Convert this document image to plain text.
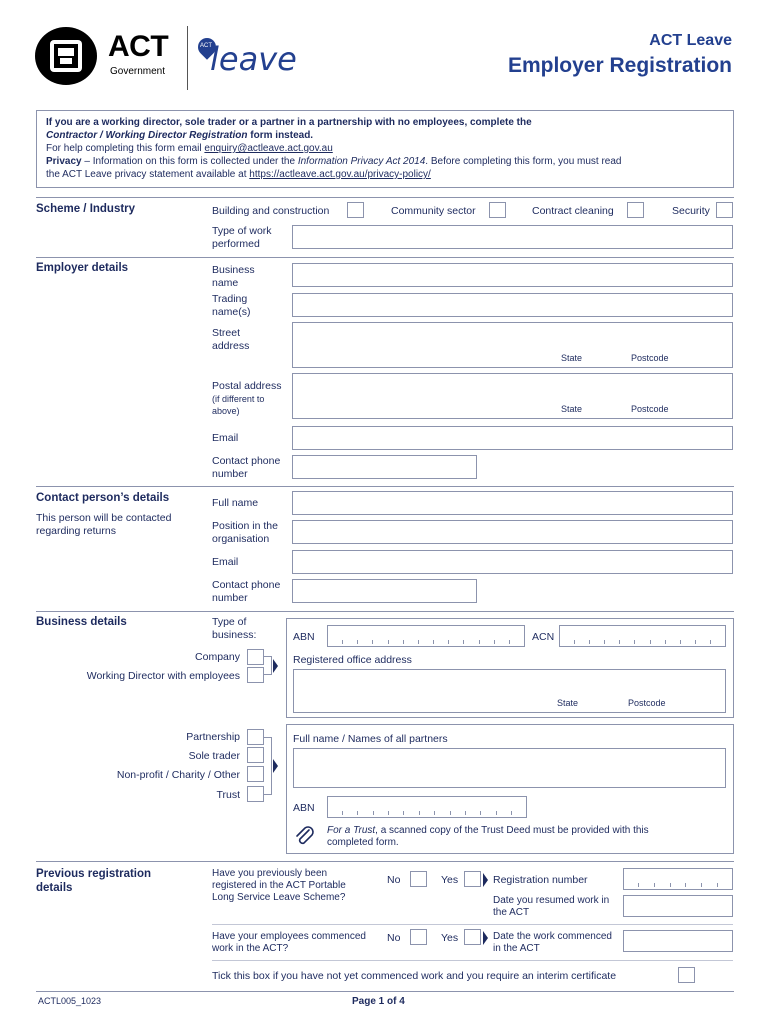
ACT
Government
ACT
leave	ACT Leave
Employer Registration
If you are a working director, sole trader or a partner in a partnership with no employees, complete the
Contractor / Working Director Registration form instead.
For help completing this form email enquiry@actleave.act.gov.au
Privacy – Information on this form is collected under the Information Privacy Act 2014. Before completing this form, you must read
the ACT Leave privacy statement available at https://actleave.act.gov.au/privacy-policy/
Scheme / Industry	Building and construction	Community sector	Contract cleaning	Security
Type of work performed
Employer details	Business name
Trading name(s)
Street address
State	Postcode
Postal address
(if different to above)	State	Postcode
Email
Contact phone number
Contact person’s details
This person will be contacted regarding returns
Full name
Position in the organisation
Email
Contact phone number
Business details	Type of business:
Company
Working Director with employees
ABN	ACN
Registered office address
State	Postcode
Partnership
Sole trader
Non-profit / Charity / Other
Trust
Full name / Names of all partners
ABN
For a Trust, a scanned copy of the Trust Deed must be provided with this
completed form.
Previous registration details
Have you previously been registered in the ACT Portable Long Service Leave Scheme?
No	Yes	Registration number
Date you resumed work in the ACT
Have your employees commenced work in the ACT?
No	Yes	Date the work commenced in the ACT
Tick this box if you have not yet commenced work and you require an interim certificate
ACTL005_1023	Page 1 of 4
